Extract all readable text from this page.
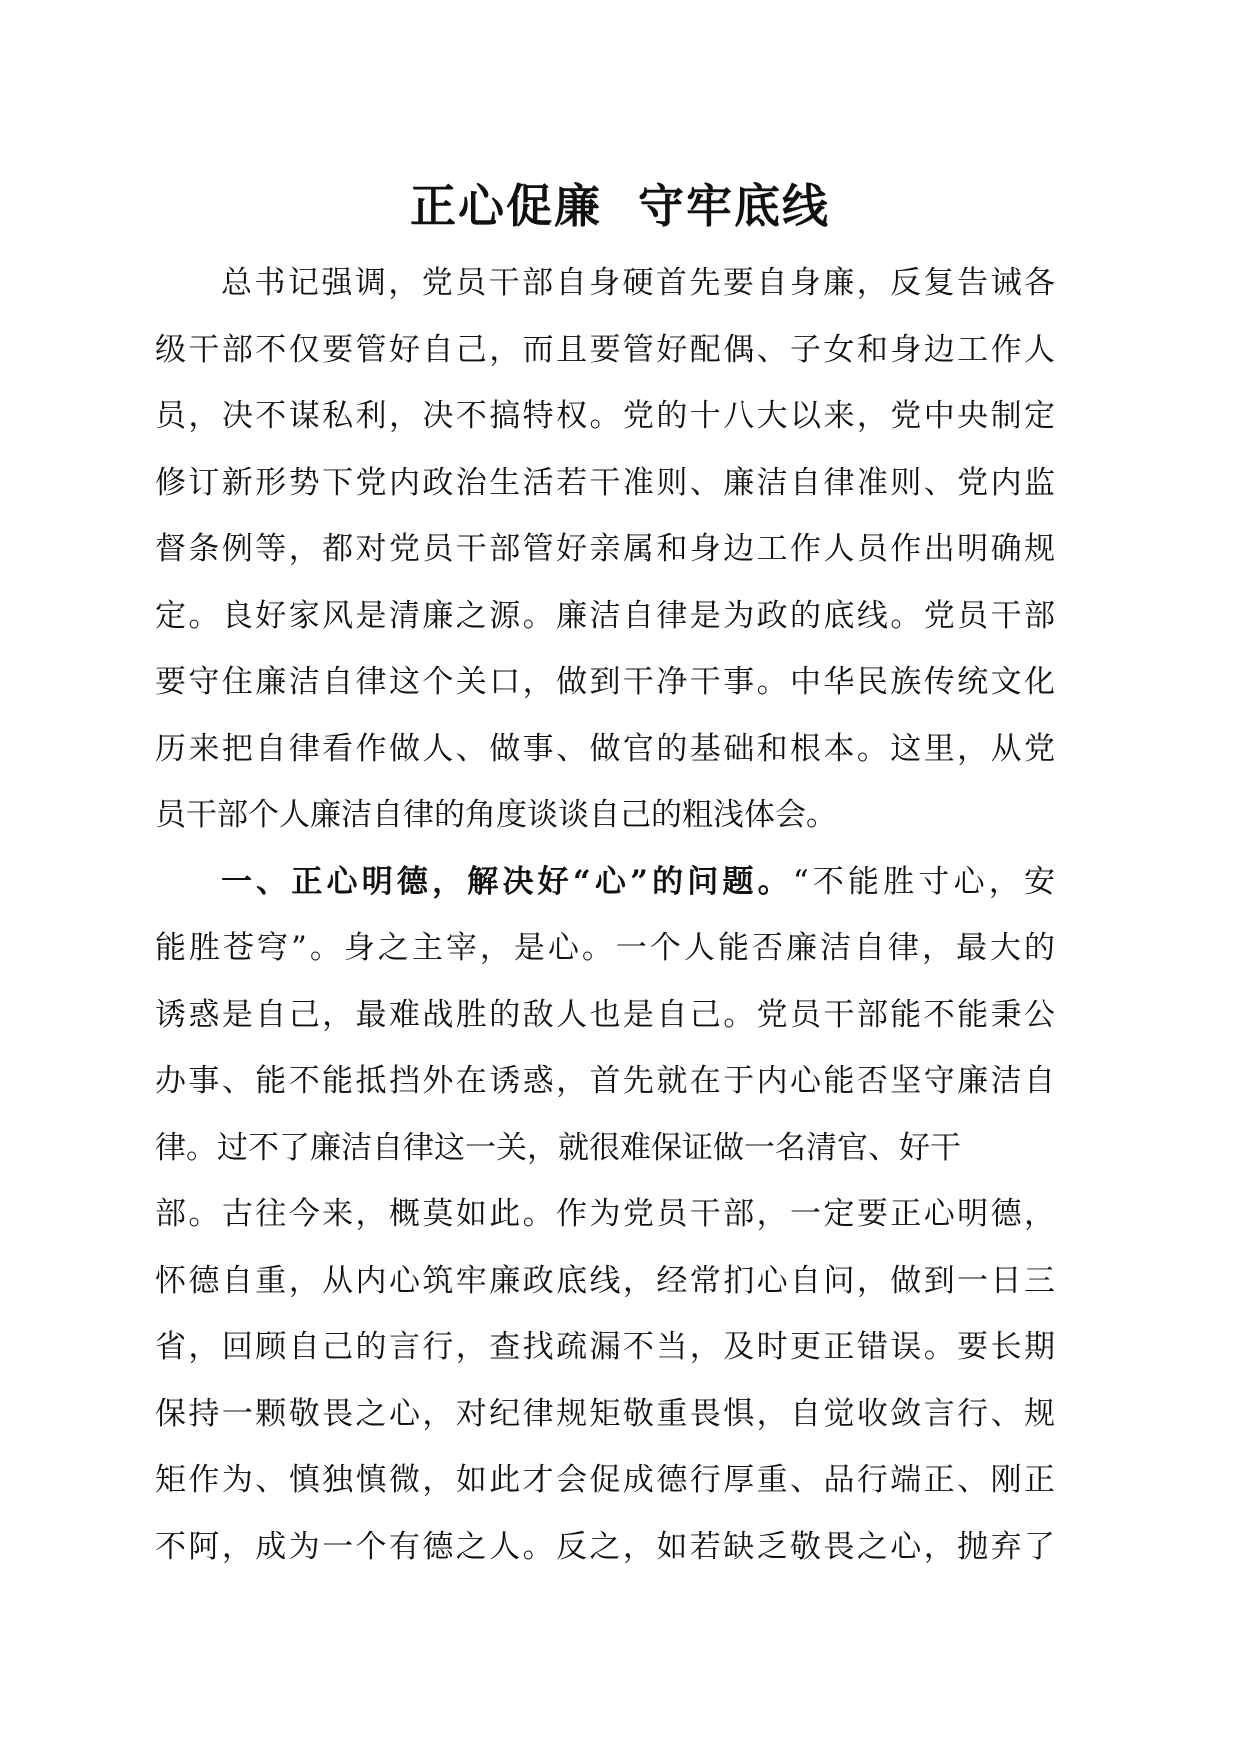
正心促廉  守牢底线
总书记强调，党员干部自身硬首先要自身廉，反复告诫各
级干部不仅要管好自己，而且要管好配偶、子女和身边工作人
员，决不谋私利，决不搞特权。党的十八大以来，党中央制定
修订新形势下党内政治生活若干准则、廉洁自律准则、党内监
督条例等，都对党员干部管好亲属和身边工作人员作出明确规
定。良好家风是清廉之源。廉洁自律是为政的底线。党员干部
要守住廉洁自律这个关口，做到干净干事。中华民族传统文化
历来把自律看作做人、做事、做官的基础和根本。这里，从党
员干部个人廉洁自律的角度谈谈自己的粗浅体会。
一、正心明德，解决好“心”的问题。“不能胜寸心，安
能胜苍穹”。身之主宰，是心。一个人能否廉洁自律，最大的
诱惑是自己，最难战胜的敌人也是自己。党员干部能不能秉公
办事、能不能抵挡外在诱惑，首先就在于内心能否坚守廉洁自
律。过不了廉洁自律这一关，就很难保证做一名清官、好干
部。古往今来，概莫如此。作为党员干部，一定要正心明德，
怀德自重，从内心筑牢廉政底线，经常扪心自问，做到一日三
省，回顾自己的言行，查找疏漏不当，及时更正错误。要长期
保持一颗敬畏之心，对纪律规矩敬重畏惧，自觉收敛言行、规
矩作为、慎独慎微，如此才会促成德行厚重、品行端正、刚正
不阿，成为一个有德之人。反之，如若缺乏敬畏之心，抛弃了
